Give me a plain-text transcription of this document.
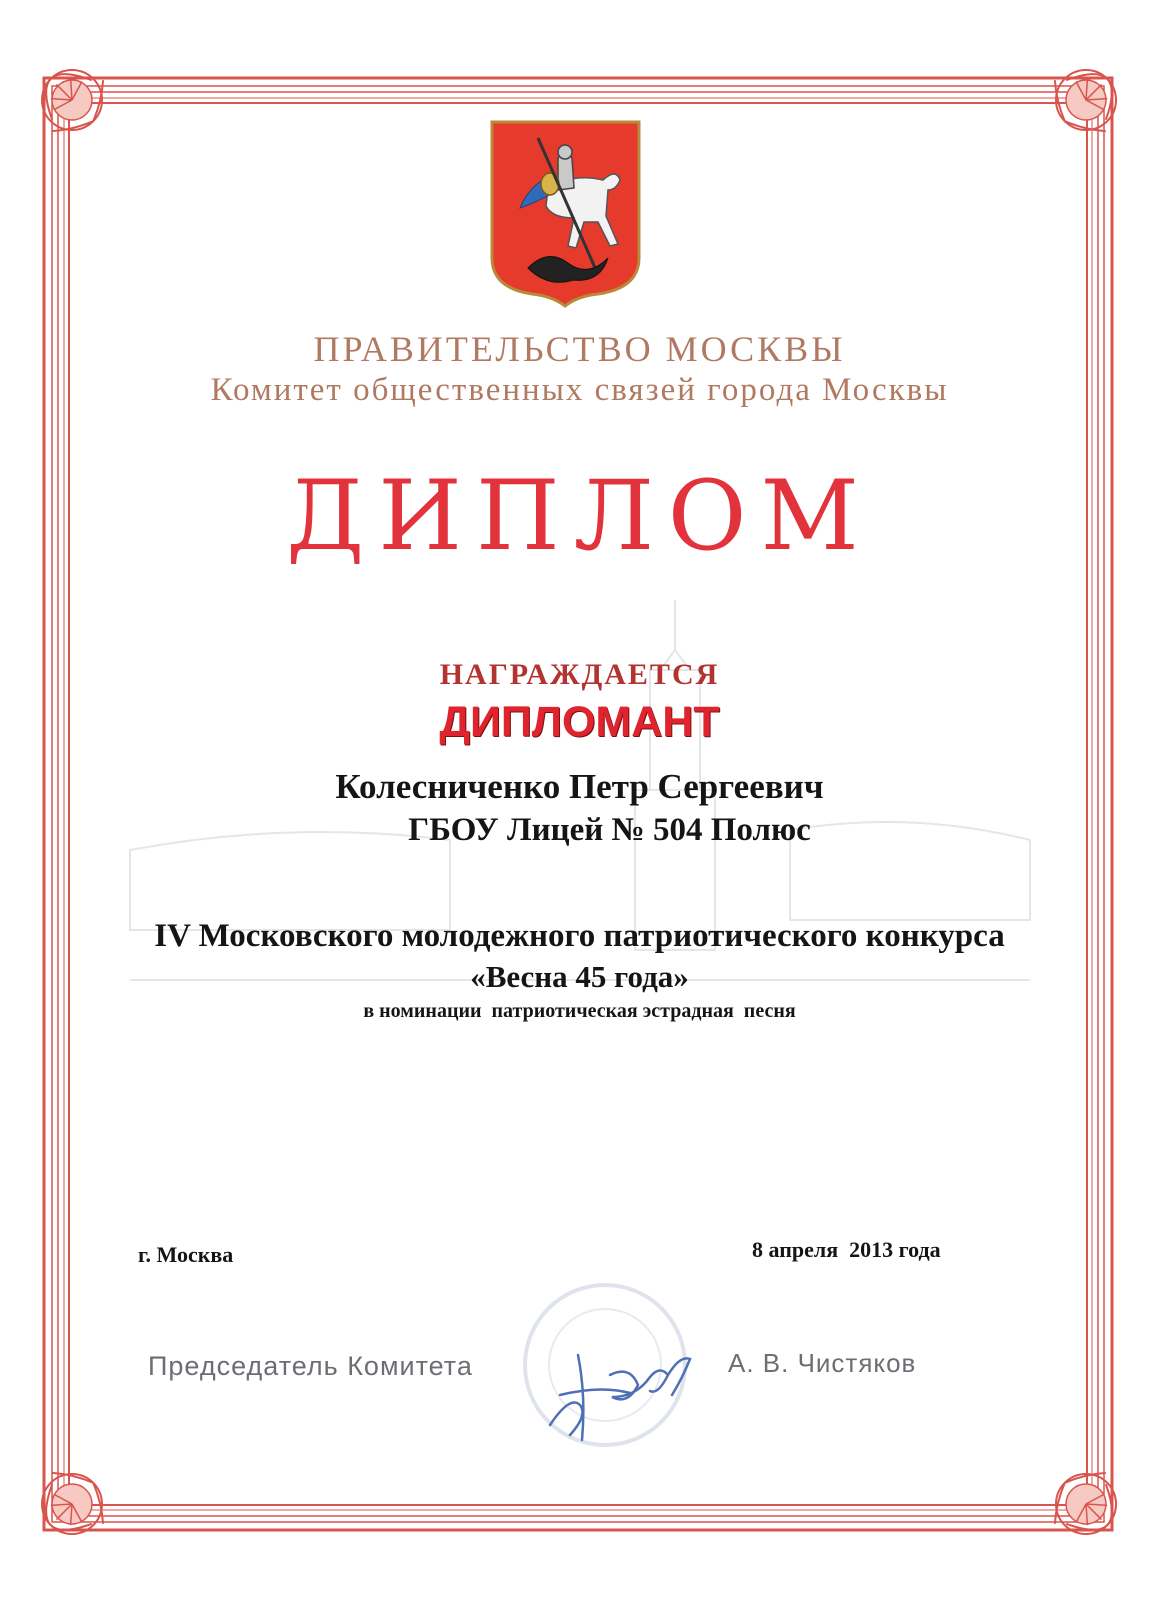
ПРАВИТЕЛЬСТВО МОСКВЫ
Комитет общественных связей города Москвы
ДИПЛОМ
НАГРАЖДАЕТСЯ
ДИПЛОМАНТ
Колесниченко Петр Сергеевич
ГБОУ Лицей № 504 Полюс
IV Московского молодежного патриотического конкурса
«Весна 45 года»
в номинации  патриотическая эстрадная  песня
г. Москва	8 апреля  2013 года
Председатель Комитета	А. В. Чистяков
